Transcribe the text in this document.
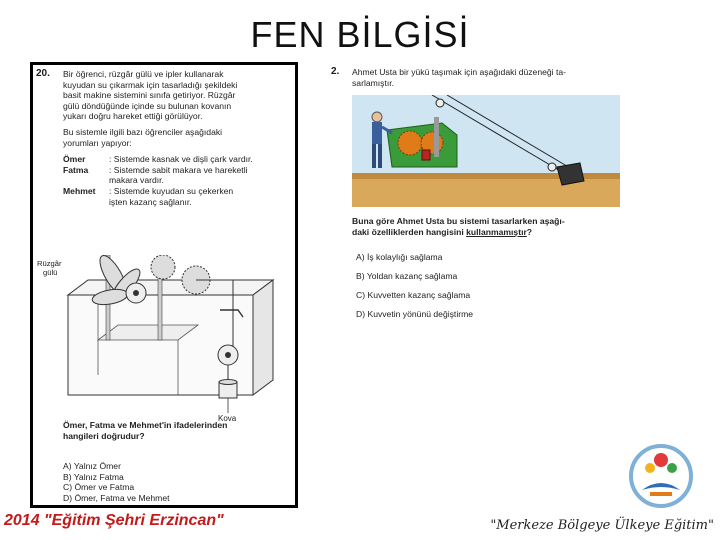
FEN BİLGİSİ
20. Bir öğrenci, rüzgâr gülü ve ipler kullanarak
kuyudan su çıkarmak için tasarladığı şekildeki
basit makine sistemini sınıfa getiriyor. Rüzgâr
gülü döndüğünde içinde su bulunan kovanın
yukarı doğru hareket ettiği görülüyor.
Bu sistemle ilgili bazı öğrenciler aşağıdaki
yorumları yapıyor:
Ömer	: Sistemde kasnak ve dişli çark vardır.
Fatma	: Sistemde sabit makara ve hareketli
makara vardır.
Mehmet	: Sistemde kuyudan su çekerken
işten kazanç sağlanır.
Kova
Rüzgâr
gülü
Ömer, Fatma ve Mehmet'in ifadelerinden
hangileri doğrudur?
A) Yalnız Ömer
B) Yalnız Fatma
C) Ömer ve Fatma
D) Ömer, Fatma ve Mehmet
2. Ahmet Usta bir yükü taşımak için aşağıdaki düzeneği ta-
sarlamıştır.
Buna göre Ahmet Usta bu sistemi tasarlarken aşağı-
daki özelliklerden hangisini kullanmamıştır?
A) İş kolaylığı sağlama
B) Yoldan kazanç sağlama
C) Kuvvetten kazanç sağlama
D) Kuvvetin yönünü değiştirme
2014 "Eğitim Şehri Erzincan"	"Merkeze Bölgeye Ülkeye Eğitim"
